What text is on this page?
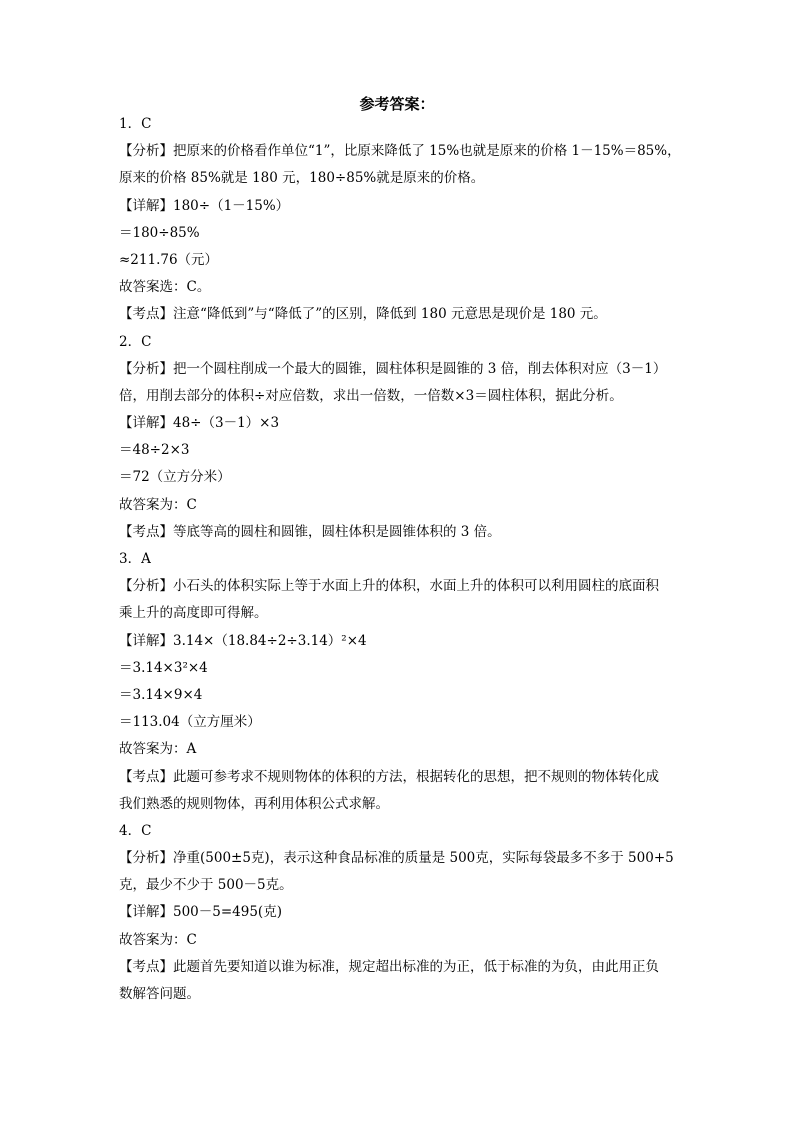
参考答案：
1．C
【分析】把原来的价格看作单位“1”，比原来降低了 15%也就是原来的价格 1－15%＝85%，
原来的价格 85%就是 180 元，180÷85%就是原来的价格。
【详解】180÷（1－15%）
＝180÷85%
≈211.76（元）
故答案选：C。
【考点】注意“降低到”与“降低了”的区别，降低到 180 元意思是现价是 180 元。
2．C
【分析】把一个圆柱削成一个最大的圆锥，圆柱体积是圆锥的 3 倍，削去体积对应（3－1）
倍，用削去部分的体积÷对应倍数，求出一倍数，一倍数×3＝圆柱体积，据此分析。
【详解】48÷（3－1）×3
＝48÷2×3
＝72（立方分米）
故答案为：C
【考点】等底等高的圆柱和圆锥，圆柱体积是圆锥体积的 3 倍。
3．A
【分析】小石头的体积实际上等于水面上升的体积，水面上升的体积可以利用圆柱的底面积
乘上升的高度即可得解。
【详解】3.14×（18.84÷2÷3.14）²×4
＝3.14×3²×4
＝3.14×9×4
＝113.04（立方厘米）
故答案为：A
【考点】此题可参考求不规则物体的体积的方法，根据转化的思想，把不规则的物体转化成
我们熟悉的规则物体，再利用体积公式求解。
4．C
【分析】净重(500±5克)，表示这种食品标准的质量是 500克，实际每袋最多不多于 500+5
克，最少不少于 500－5克。
【详解】500－5=495(克)
故答案为：C
【考点】此题首先要知道以谁为标准，规定超出标准的为正，低于标准的为负，由此用正负
数解答问题。
